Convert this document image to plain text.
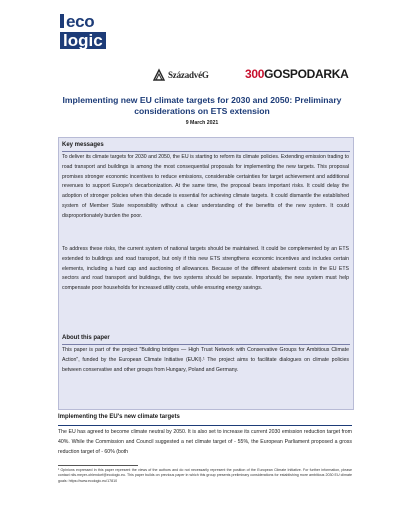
eco
logic
SzázadvéG	300GOSPODARKA
Implementing new EU climate targets for 2030 and 2050: Preliminary considerations on ETS extension
9 March 2021
Key messages
To deliver its climate targets for 2030 and 2050, the EU is starting to reform its climate policies. Extending emission trading to road transport and buildings is among the most consequential proposals for implementing the new targets. This proposal promises stronger economic incentives to reduce emissions, considerable certainties for target achievement and additional revenues to support Europe's decarbonization. At the same time, the proposal bears important risks. It could delay the adoption of stronger policies when this decade is essential for achieving climate targets. It could dismantle the established system of Member State responsibility without a clear understanding of the benefits of the new system. It could disproportionately burden the poor.
To address these risks, the current system of national targets should be maintained. It could be complemented by an ETS extended to buildings and road transport, but only if this new ETS strengthens economic incentives and includes certain elements, including a hard cap and auctioning of allowances. Because of the different abatement costs in the EU ETS sectors and road transport and buildings, the two systems should be separate. Importantly, the new system must help compensate poor households for increased utility costs, while ensuring energy savings.
About this paper
This paper is part of the project "Building bridges — High Trust Network with Conservative Groups for Ambitious Climate Action", funded by the European Climate Initiative (EUKI).¹ The project aims to facilitate dialogues on climate policies between conservative and other groups from Hungary, Poland and Germany.
Implementing the EU's new climate targets
The EU has agreed to become climate neutral by 2050. It is also set to increase its current 2030 emission reduction target from 40%. While the Commission and Council suggested a net climate target of - 55%, the European Parliament proposed a gross reduction target of - 60% (both
¹ Opinions expressed in this paper represent the views of the authors and do not necessarily represent the position of the European Climate Initiative. For further information, please contact nils.meyer-ohlendorf@ecologic.eu. This paper builds on previous paper in which this group presents preliminary considerations for establishing more ambitious 2030 EU climate goals: https://www.ecologic.eu/17810
